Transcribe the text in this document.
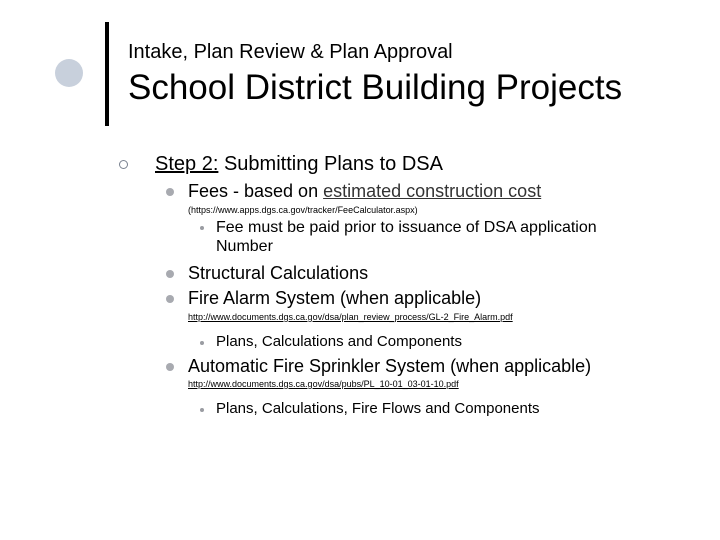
Intake, Plan Review & Plan Approval
School District Building Projects
Step 2: Submitting Plans to DSA
Fees - based on estimated construction cost
(https://www.apps.dgs.ca.gov/tracker/FeeCalculator.aspx)
Fee must be paid prior to issuance of DSA application
Number
Structural Calculations
Fire Alarm System (when applicable)
http://www.documents.dgs.ca.gov/dsa/plan_review_process/GL-2_Fire_Alarm.pdf
Plans, Calculations and Components
Automatic Fire Sprinkler System (when applicable)
http://www.documents.dgs.ca.gov/dsa/pubs/PL_10-01_03-01-10.pdf
Plans, Calculations, Fire Flows and Components
